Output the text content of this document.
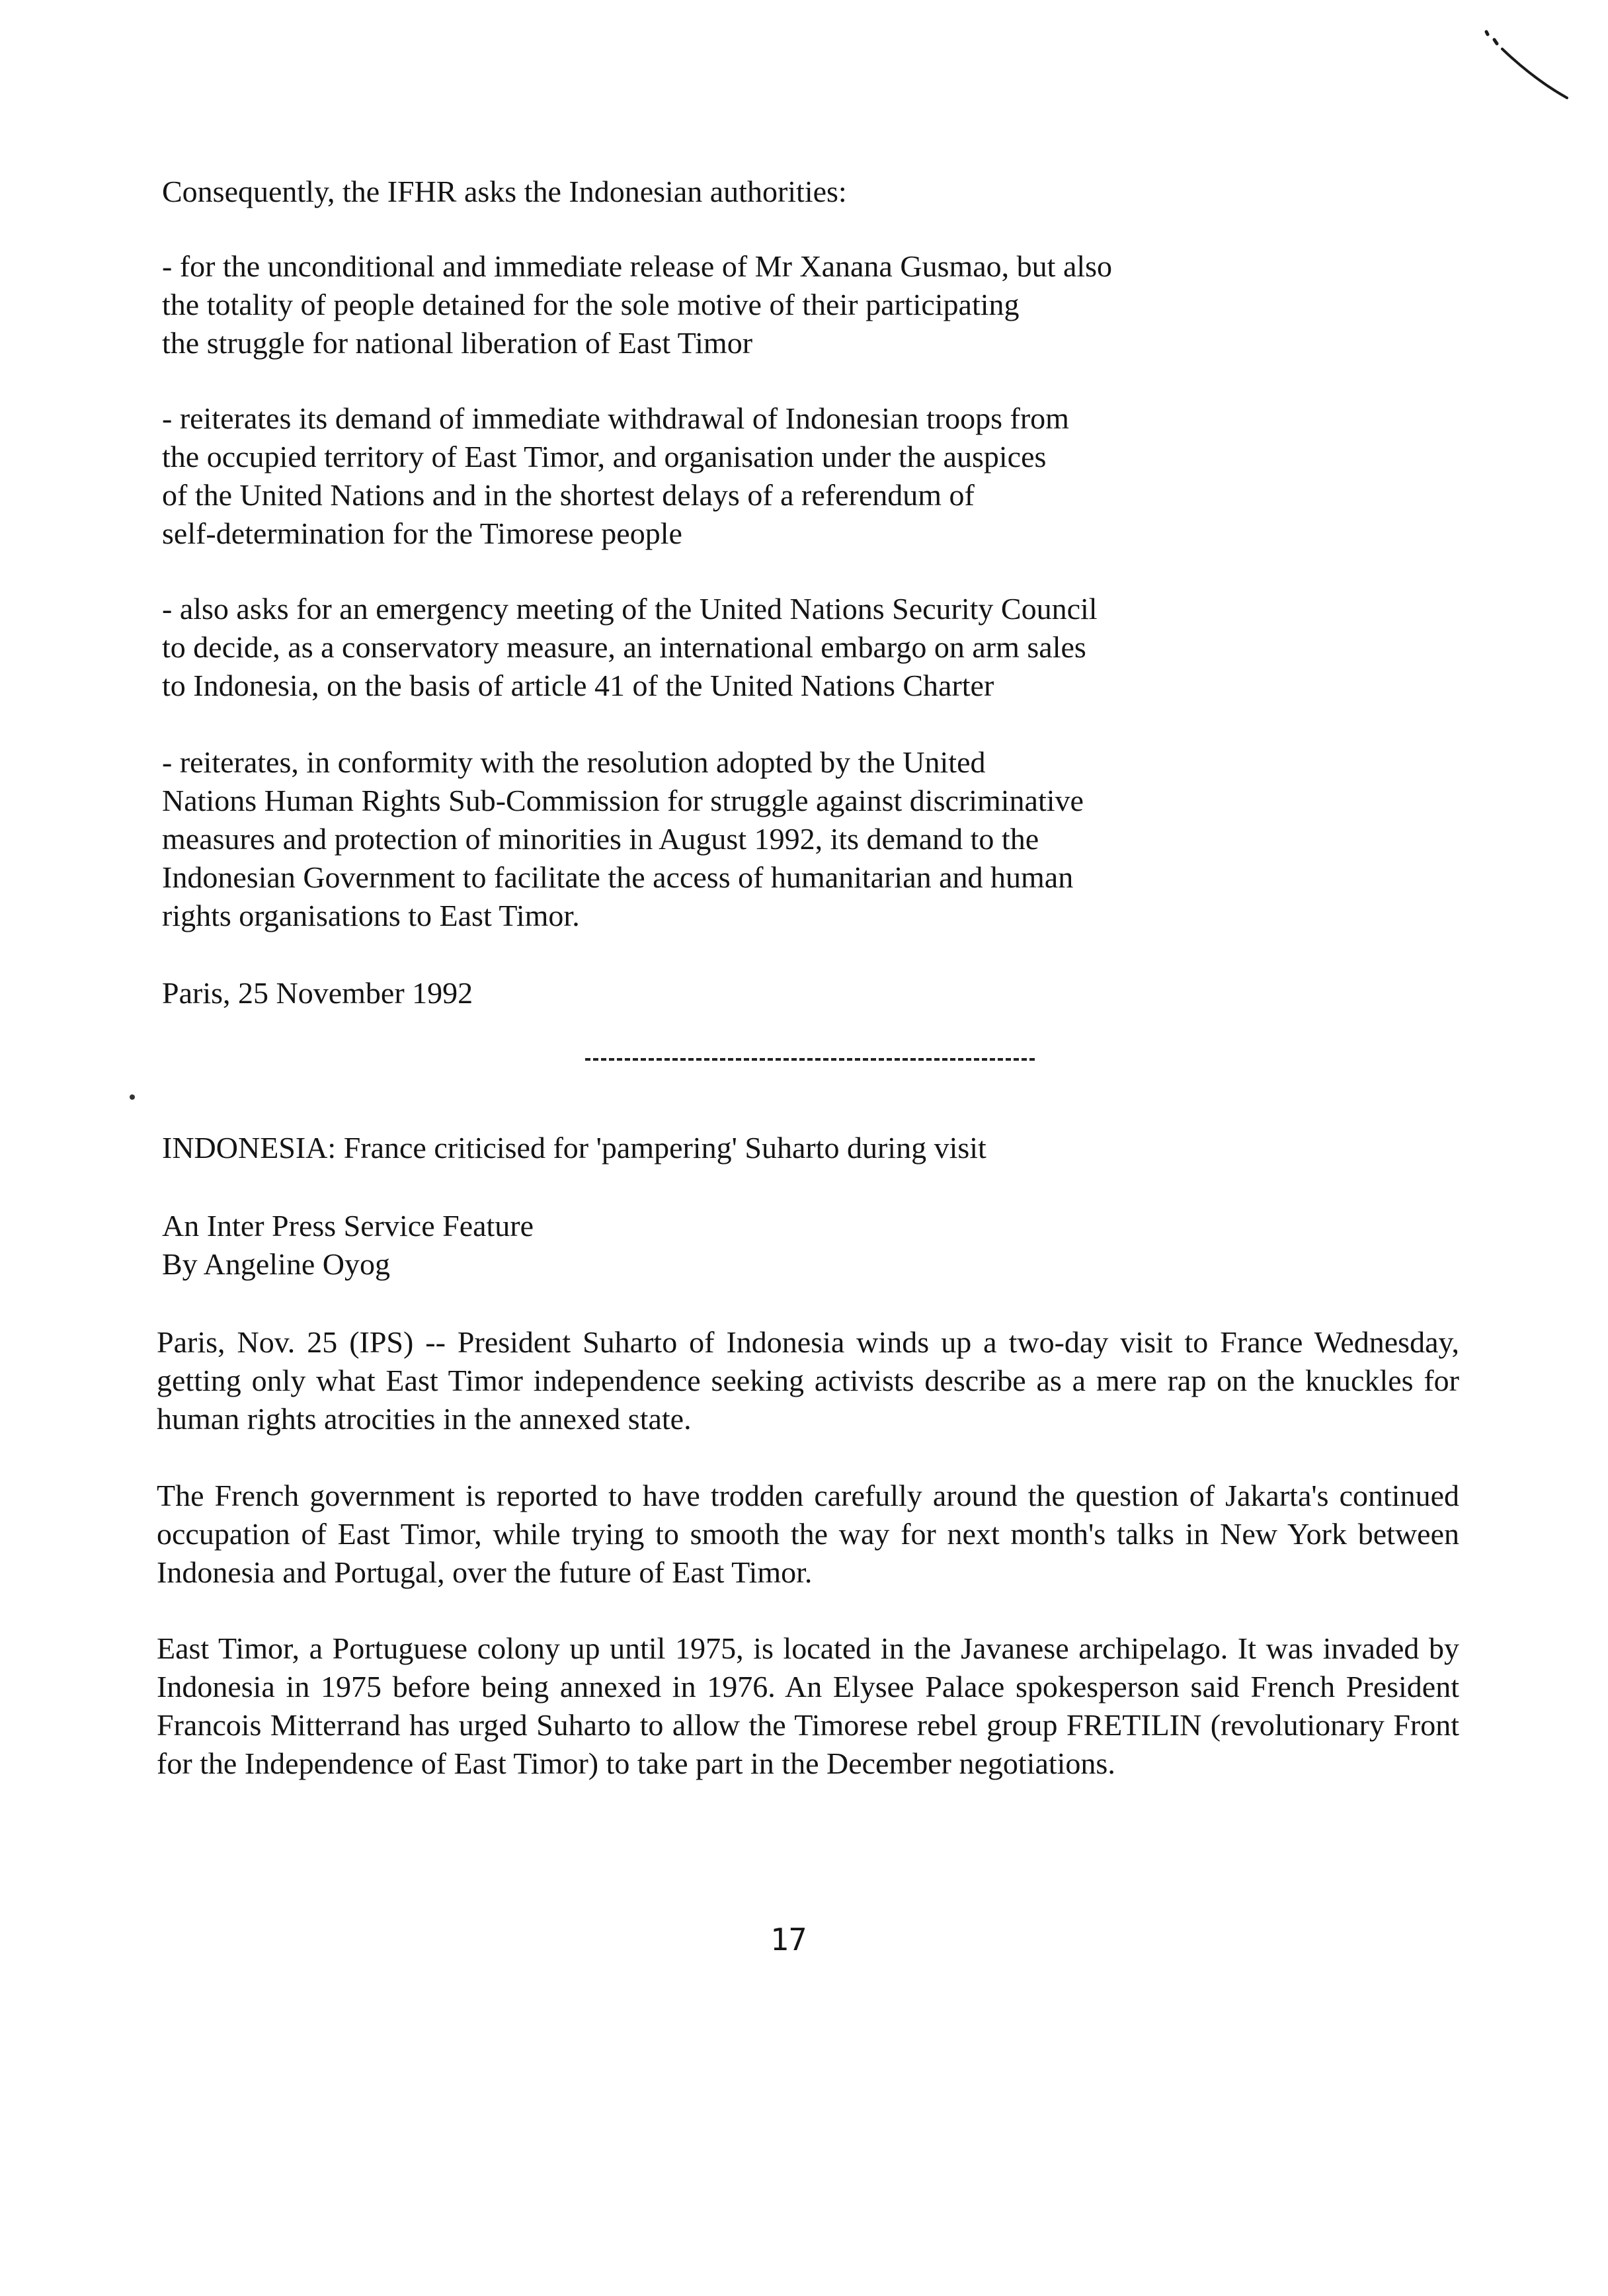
Consequently, the IFHR asks the Indonesian authorities:
- for the unconditional and immediate release of Mr Xanana Gusmao, but also
the totality of people detained for the sole motive of their participating
the struggle for national liberation of East Timor
- reiterates its demand of immediate withdrawal of Indonesian troops from
the occupied territory of East Timor, and organisation under the auspices
of the United Nations and in the shortest delays of a referendum of
self-determination for the Timorese people
- also asks for an emergency meeting of the United Nations Security Council
to decide, as a conservatory measure, an international embargo on arm sales
to Indonesia, on the basis of article 41 of the United Nations Charter
- reiterates, in conformity with the resolution adopted by the United
Nations Human Rights Sub-Commission for struggle against discriminative
measures and protection of minorities in August 1992, its demand to the
Indonesian Government to facilitate the access of humanitarian and human
rights organisations to East Timor.
Paris, 25 November 1992
INDONESIA: France criticised for 'pampering' Suharto during visit
An Inter Press Service Feature
By Angeline Oyog
Paris, Nov. 25 (IPS) -- President Suharto of Indonesia winds up a two-day visit to France Wednesday, getting only what East Timor independence seeking activists describe as a mere rap on the knuckles for human rights atrocities in the annexed state.
The French government is reported to have trodden carefully around the question of Jakarta's continued occupation of East Timor, while trying to smooth the way for next month's talks in New York between Indonesia and Portugal, over the future of East Timor.
East Timor, a Portuguese colony up until 1975, is located in the Javanese archipelago. It was invaded by Indonesia in 1975 before being annexed in 1976. An Elysee Palace spokesperson said French President Francois Mitterrand has urged Suharto to allow the Timorese rebel group FRETILIN (revolutionary Front for the Independence of East Timor) to take part in the December negotiations.
17
